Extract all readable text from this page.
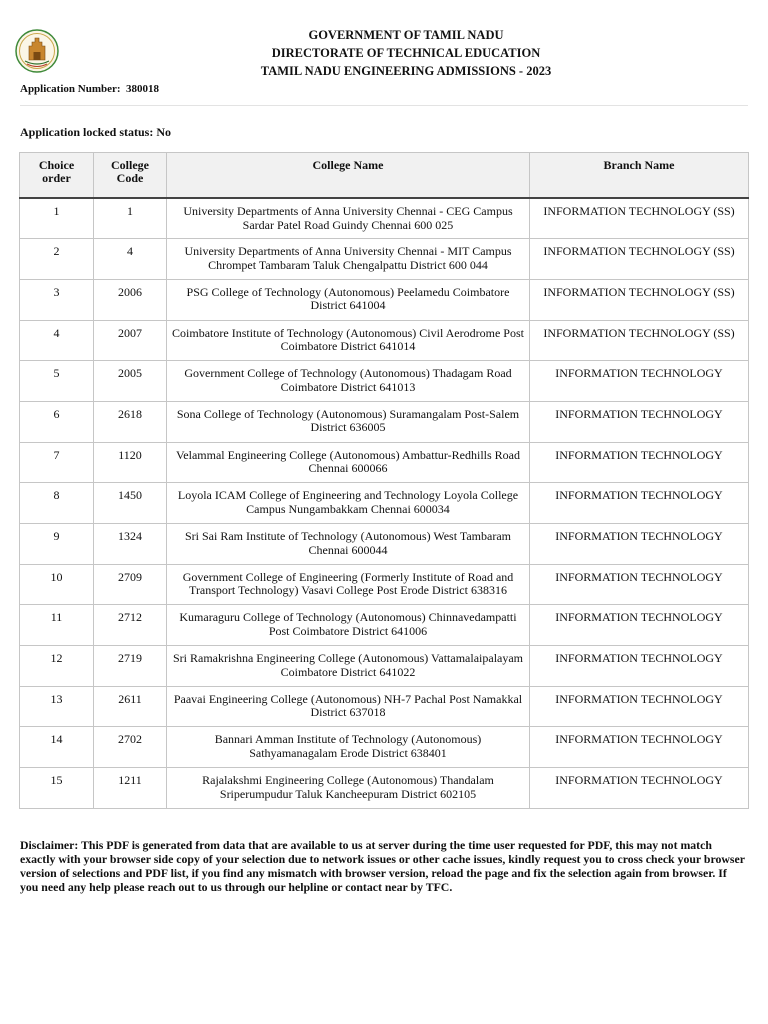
GOVERNMENT OF TAMIL NADU
DIRECTORATE OF TECHNICAL EDUCATION
TAMIL NADU ENGINEERING ADMISSIONS - 2023
Application Number: 380018
Application locked status: No
Choice order	College Code	College Name	Branch Name
1	1	University Departments of Anna University Chennai - CEG Campus Sardar Patel Road Guindy Chennai 600 025	INFORMATION TECHNOLOGY (SS)
2	4	University Departments of Anna University Chennai - MIT Campus Chrompet Tambaram Taluk Chengalpattu District 600 044	INFORMATION TECHNOLOGY (SS)
3	2006	PSG College of Technology (Autonomous) Peelamedu Coimbatore District 641004	INFORMATION TECHNOLOGY (SS)
4	2007	Coimbatore Institute of Technology (Autonomous) Civil Aerodrome Post Coimbatore District 641014	INFORMATION TECHNOLOGY (SS)
5	2005	Government College of Technology (Autonomous) Thadagam Road Coimbatore District 641013	INFORMATION TECHNOLOGY
6	2618	Sona College of Technology (Autonomous) Suramangalam Post-Salem District 636005	INFORMATION TECHNOLOGY
7	1120	Velammal Engineering College (Autonomous) Ambattur-Redhills Road Chennai 600066	INFORMATION TECHNOLOGY
8	1450	Loyola ICAM College of Engineering and Technology Loyola College Campus Nungambakkam Chennai 600034	INFORMATION TECHNOLOGY
9	1324	Sri Sai Ram Institute of Technology (Autonomous) West Tambaram Chennai 600044	INFORMATION TECHNOLOGY
10	2709	Government College of Engineering (Formerly Institute of Road and Transport Technology) Vasavi College Post Erode District 638316	INFORMATION TECHNOLOGY
11	2712	Kumaraguru College of Technology (Autonomous) Chinnavedampatti Post Coimbatore District 641006	INFORMATION TECHNOLOGY
12	2719	Sri Ramakrishna Engineering College (Autonomous) Vattamalaipalayam Coimbatore District 641022	INFORMATION TECHNOLOGY
13	2611	Paavai Engineering College (Autonomous) NH-7 Pachal Post Namakkal District 637018	INFORMATION TECHNOLOGY
14	2702	Bannari Amman Institute of Technology (Autonomous) Sathyamanagalam Erode District 638401	INFORMATION TECHNOLOGY
15	1211	Rajalakshmi Engineering College (Autonomous) Thandalam Sriperumpudur Taluk Kancheepuram District 602105	INFORMATION TECHNOLOGY
Disclaimer: This PDF is generated from data that are available to us at server during the time user requested for PDF, this may not match exactly with your browser side copy of your selection due to network issues or other cache issues, kindly request you to cross check your browser version of selections and PDF list, if you find any mismatch with browser version, reload the page and fix the selection again from browser. If you need any help please reach out to us through our helpline or contact near by TFC.
